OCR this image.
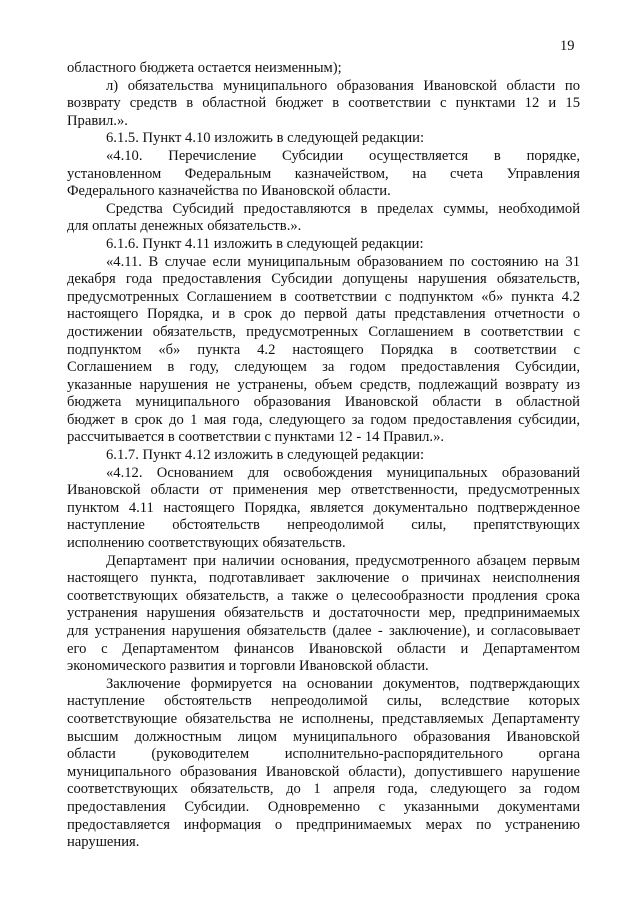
19
областного бюджета остается неизменным);
л) обязательства муниципального образования Ивановской области по
возврату средств в областной бюджет в соответствии с пунктами 12 и 15
Правил.».
6.1.5. Пункт 4.10 изложить в следующей редакции:
«4.10. Перечисление Субсидии осуществляется в порядке,
установленном Федеральным казначейством, на счета Управления
Федерального казначейства по Ивановской области.
Средства Субсидий предоставляются в пределах суммы, необходимой
для оплаты денежных обязательств.».
6.1.6. Пункт 4.11 изложить в следующей редакции:
«4.11. В случае если муниципальным образованием по состоянию на 31
декабря года предоставления Субсидии допущены нарушения обязательств,
предусмотренных Соглашением в соответствии с подпунктом «б» пункта 4.2
настоящего Порядка, и в срок до первой даты представления отчетности о
достижении обязательств, предусмотренных Соглашением в соответствии с
подпунктом «б» пункта 4.2 настоящего Порядка в соответствии с
Соглашением в году, следующем за годом предоставления Субсидии,
указанные нарушения не устранены, объем средств, подлежащий возврату из
бюджета муниципального образования Ивановской области в областной
бюджет в срок до 1 мая года, следующего за годом предоставления субсидии,
рассчитывается в соответствии с пунктами 12 - 14 Правил.».
6.1.7. Пункт 4.12 изложить в следующей редакции:
«4.12. Основанием для освобождения муниципальных образований
Ивановской области от применения мер ответственности, предусмотренных
пунктом 4.11 настоящего Порядка, является документально подтвержденное
наступление обстоятельств непреодолимой силы, препятствующих
исполнению соответствующих обязательств.
Департамент при наличии основания, предусмотренного абзацем первым
настоящего пункта, подготавливает заключение о причинах неисполнения
соответствующих обязательств, а также о целесообразности продления срока
устранения нарушения обязательств и достаточности мер, предпринимаемых
для устранения нарушения обязательств (далее - заключение), и согласовывает
его с Департаментом финансов Ивановской области и Департаментом
экономического развития и торговли Ивановской области.
Заключение формируется на основании документов, подтверждающих
наступление обстоятельств непреодолимой силы, вследствие которых
соответствующие обязательства не исполнены, представляемых Департаменту
высшим должностным лицом муниципального образования Ивановской
области (руководителем исполнительно-распорядительного органа
муниципального образования Ивановской области), допустившего нарушение
соответствующих обязательств, до 1 апреля года, следующего за годом
предоставления Субсидии. Одновременно с указанными документами
предоставляется информация о предпринимаемых мерах по устранению
нарушения.
